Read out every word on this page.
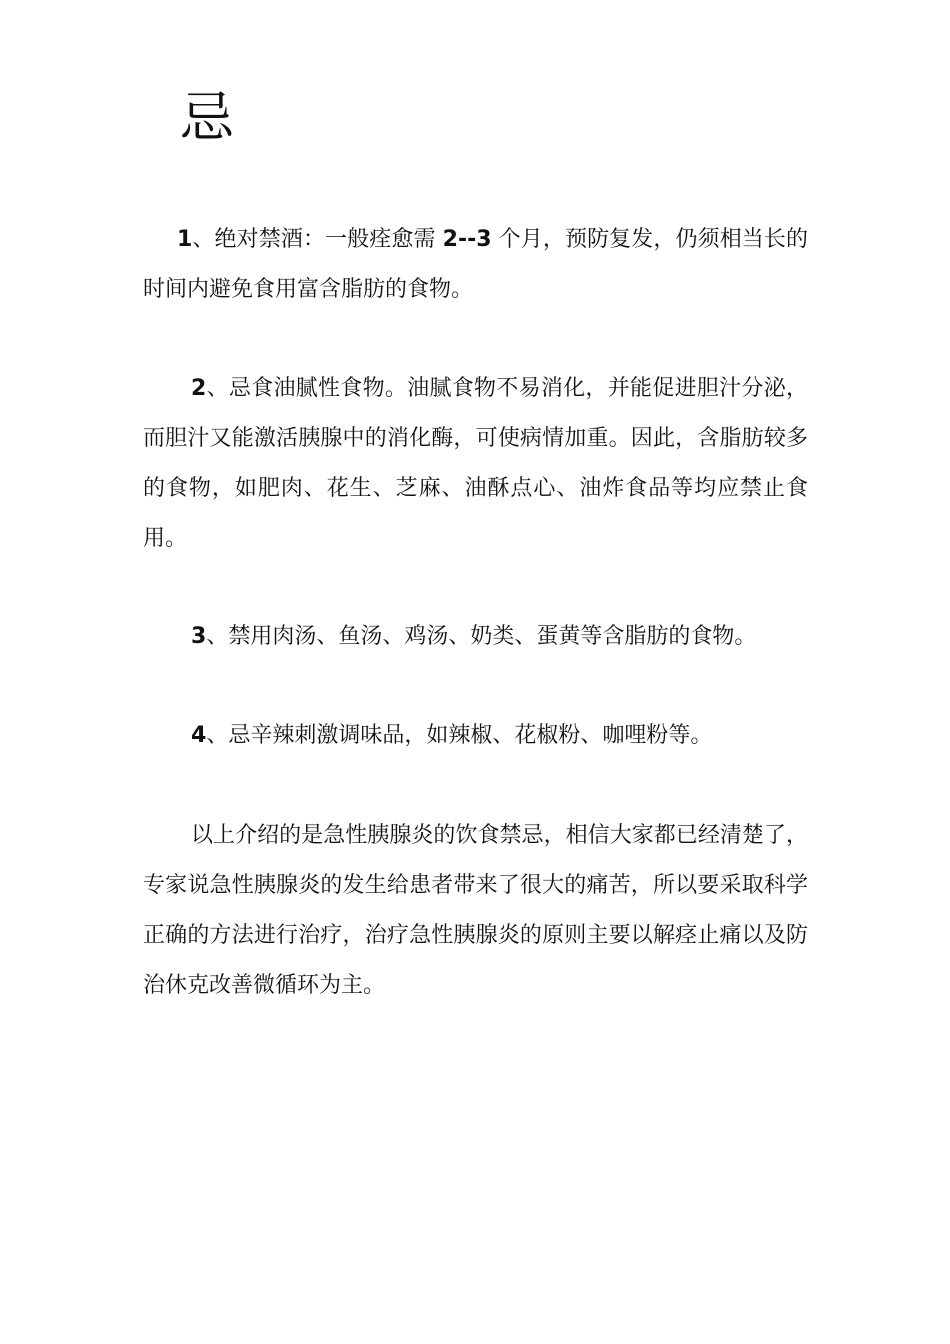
忌

1、绝对禁酒：一般痊愈需 2--3 个月，预防复发，仍须相当长的时间内避免食用富含脂肪的食物。

2、忌食油腻性食物。油腻食物不易消化，并能促进胆汁分泌，而胆汁又能激活胰腺中的消化酶，可使病情加重。因此，含脂肪较多的食物，如肥肉、花生、芝麻、油酥点心、油炸食品等均应禁止食用。

3、禁用肉汤、鱼汤、鸡汤、奶类、蛋黄等含脂肪的食物。

4、忌辛辣刺激调味品，如辣椒、花椒粉、咖哩粉等。

以上介绍的是急性胰腺炎的饮食禁忌，相信大家都已经清楚了，专家说急性胰腺炎的发生给患者带来了很大的痛苦，所以要采取科学正确的方法进行治疗，治疗急性胰腺炎的原则主要以解痉止痛以及防治休克改善微循环为主。
